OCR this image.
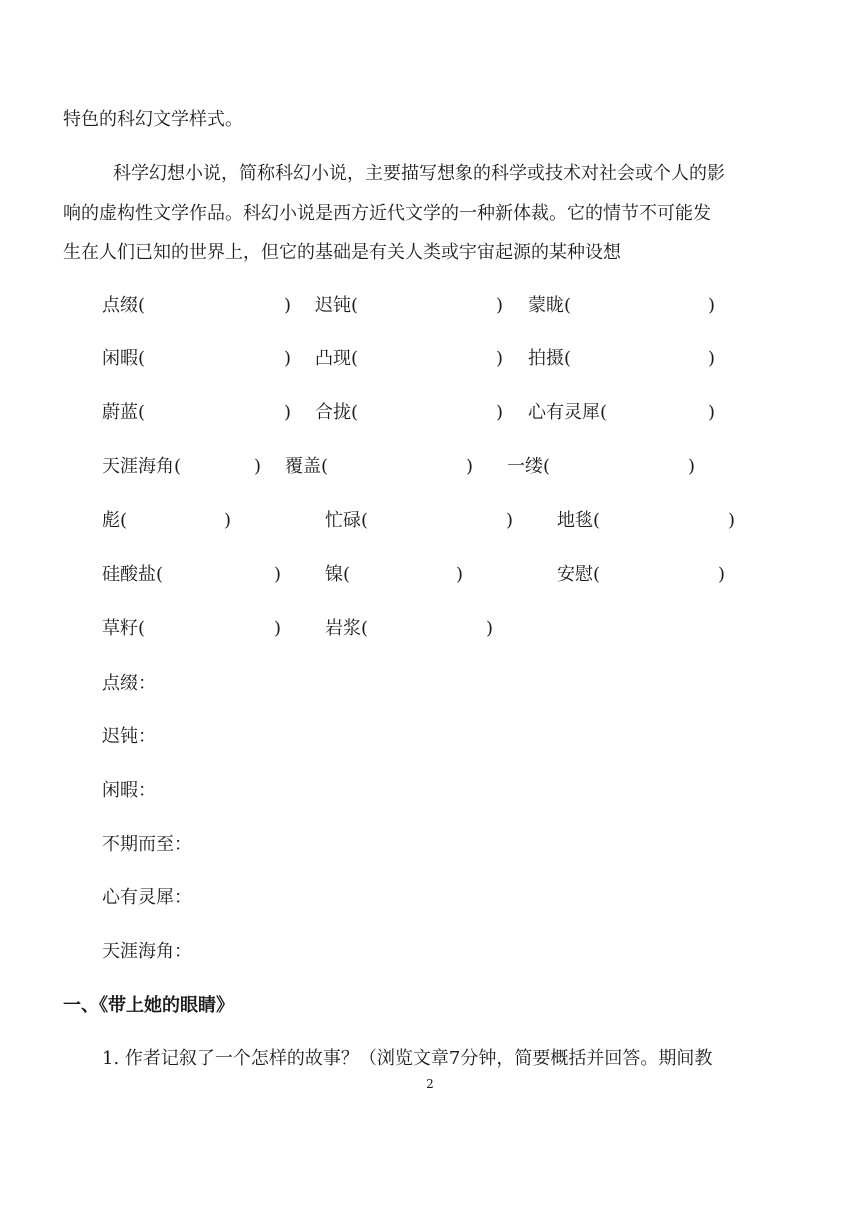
特色的科幻文学样式。
科学幻想小说，简称科幻小说，主要描写想象的科学或技术对社会或个人的影
响的虚构性文学作品。科幻小说是西方近代文学的一种新体裁。它的情节不可能发
生在人们已知的世界上，但它的基础是有关人类或宇宙起源的某种设想
点缀(	) 迟钝(	) 蒙眬(	)
闲暇(	) 凸现(	) 拍摄(	)
蔚蓝(	) 合拢(	) 心有灵犀(	)
天涯海角(	) 覆盖(	) 一缕(	)
彪(	)	忙碌(	) 地毯(	)
硅酸盐(	) 镍(	)	安慰(	)
草籽(	) 岩浆(	)
点缀：
迟钝：
闲暇：
不期而至：
心有灵犀：
天涯海角：
一、《带上她的眼睛》
1. 作者记叙了一个怎样的故事？（浏览文章7分钟，简要概括并回答。期间教
2
